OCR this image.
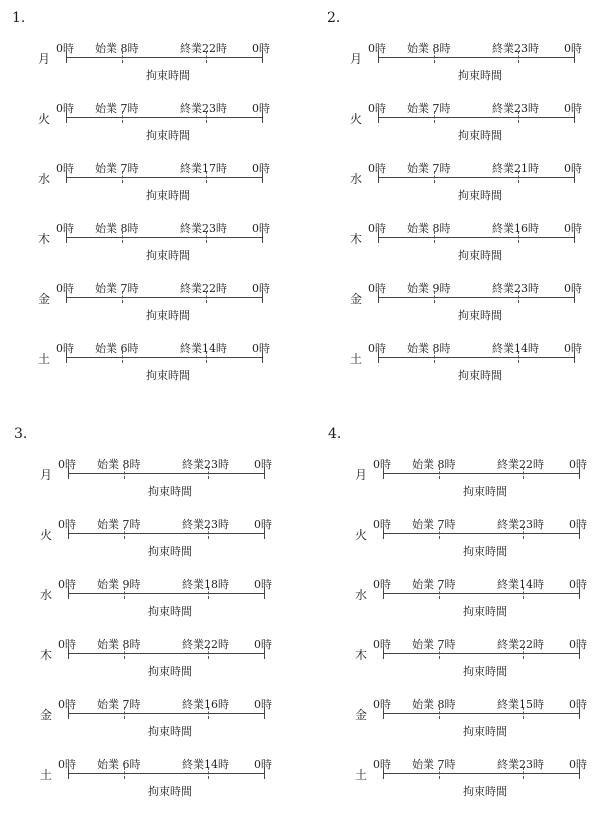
1.
月
0時 始業 8時	終業22時 0時
拘束時間
火
0時 始業 7時	終業23時 0時
拘束時間
水
0時 始業 7時	終業17時 0時
拘束時間
木
0時 始業 8時	終業23時 0時
拘束時間
金
0時 始業 7時	終業22時 0時
拘束時間
土
0時 始業 6時	終業14時 0時
拘束時間
2.
月
0時 始業 8時	終業23時 0時
拘束時間
火
0時 始業 7時	終業23時 0時
拘束時間
水
0時 始業 7時	終業21時 0時
拘束時間
木
0時 始業 8時	終業16時 0時
拘束時間
金
0時 始業 9時	終業23時 0時
拘束時間
土
0時 始業 8時	終業14時 0時
拘束時間
3.
月
0時 始業 8時	終業23時 0時
拘束時間
火
0時 始業 7時	終業23時 0時
拘束時間
水
0時 始業 9時	終業18時 0時
拘束時間
木
0時 始業 8時	終業22時 0時
拘束時間
金
0時 始業 7時	終業16時 0時
拘束時間
土
0時 始業 6時	終業14時 0時
拘束時間
4.
月
0時 始業 8時	終業22時 0時
拘束時間
火
0時 始業 7時	終業23時 0時
拘束時間
水
0時 始業 7時	終業14時 0時
拘束時間
木
0時 始業 7時	終業22時 0時
拘束時間
金
0時 始業 8時	終業15時 0時
拘束時間
土
0時 始業 7時	終業23時 0時
拘束時間
